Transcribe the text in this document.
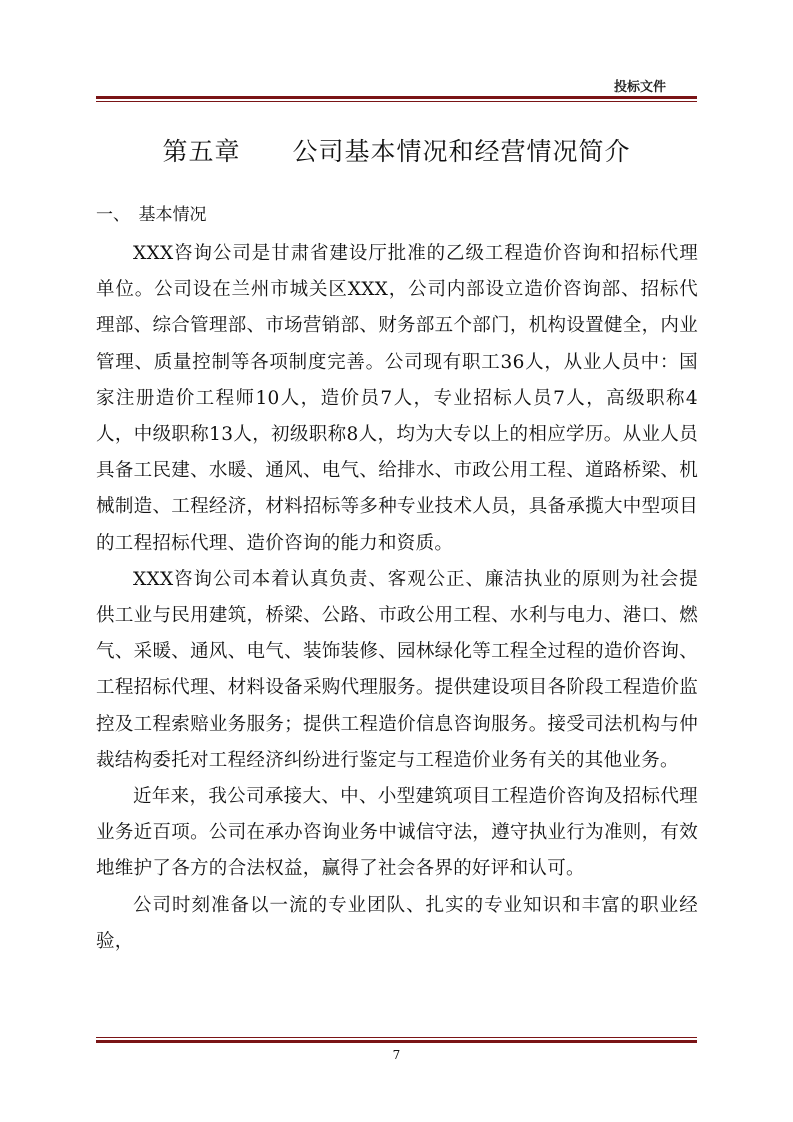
投标文件
第五章　　公司基本情况和经营情况简介
一、　基本情况

XXX咨询公司是甘肃省建设厅批准的乙级工程造价咨询和招标代理单位。公司设在兰州市城关区XXX，公司内部设立造价咨询部、招标代理部、综合管理部、市场营销部、财务部五个部门，机构设置健全，内业管理、质量控制等各项制度完善。公司现有职工36人，从业人员中：国家注册造价工程师10人，造价员7人，专业招标人员7人，高级职称4人，中级职称13人，初级职称8人，均为大专以上的相应学历。从业人员具备工民建、水暖、通风、电气、给排水、市政公用工程、道路桥梁、机械制造、工程经济，材料招标等多种专业技术人员，具备承揽大中型项目的工程招标代理、造价咨询的能力和资质。

XXX咨询公司本着认真负责、客观公正、廉洁执业的原则为社会提供工业与民用建筑，桥梁、公路、市政公用工程、水利与电力、港口、燃气、采暖、通风、电气、装饰装修、园林绿化等工程全过程的造价咨询、工程招标代理、材料设备采购代理服务。提供建设项目各阶段工程造价监控及工程索赔业务服务；提供工程造价信息咨询服务。接受司法机构与仲裁结构委托对工程经济纠纷进行鉴定与工程造价业务有关的其他业务。

近年来，我公司承接大、中、小型建筑项目工程造价咨询及招标代理业务近百项。公司在承办咨询业务中诚信守法，遵守执业行为准则，有效地维护了各方的合法权益，赢得了社会各界的好评和认可。

公司时刻准备以一流的专业团队、扎实的专业知识和丰富的职业经验，

7
